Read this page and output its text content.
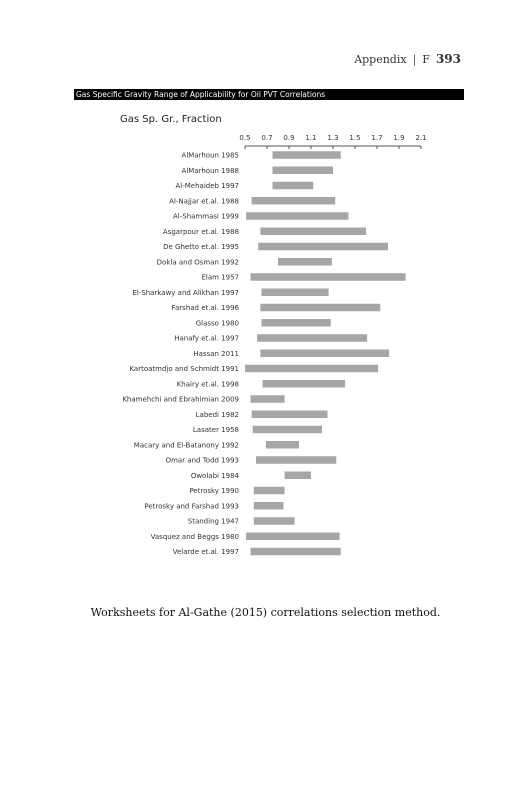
Appendix | F 393
Gas Specific Gravity Range of Applicability for Oil PVT Correlations
Gas Sp. Gr., Fraction
0.5 0.7 0.9 1.1 1.3 1.5 1.7 1.9 2.1
AlMarhoun 1985
AlMarhoun 1988
Al-Mehaideb 1997
Al-Najjar et.al. 1988
Al-Shammasi 1999
Asgarpour et.al. 1988
De Ghetto et.al. 1995
Dokla and Osman 1992
Elam 1957
El-Sharkawy and Alikhan 1997
Farshad et.al. 1996
Glasso 1980
Hanafy et.al. 1997
Hassan 2011
Kartoatmdjo and Schmidt 1991
Khairy et.al. 1998
Khamehchi and Ebrahimian 2009
Labedi 1982
Lasater 1958
Macary and El-Batanony 1992
Omar and Todd 1993
Owolabi 1984
Petrosky 1990
Petrosky and Farshad 1993
Standing 1947
Vasquez and Beggs 1980
Velarde et.al. 1997
Worksheets for Al-Gathe (2015) correlations selection method.
